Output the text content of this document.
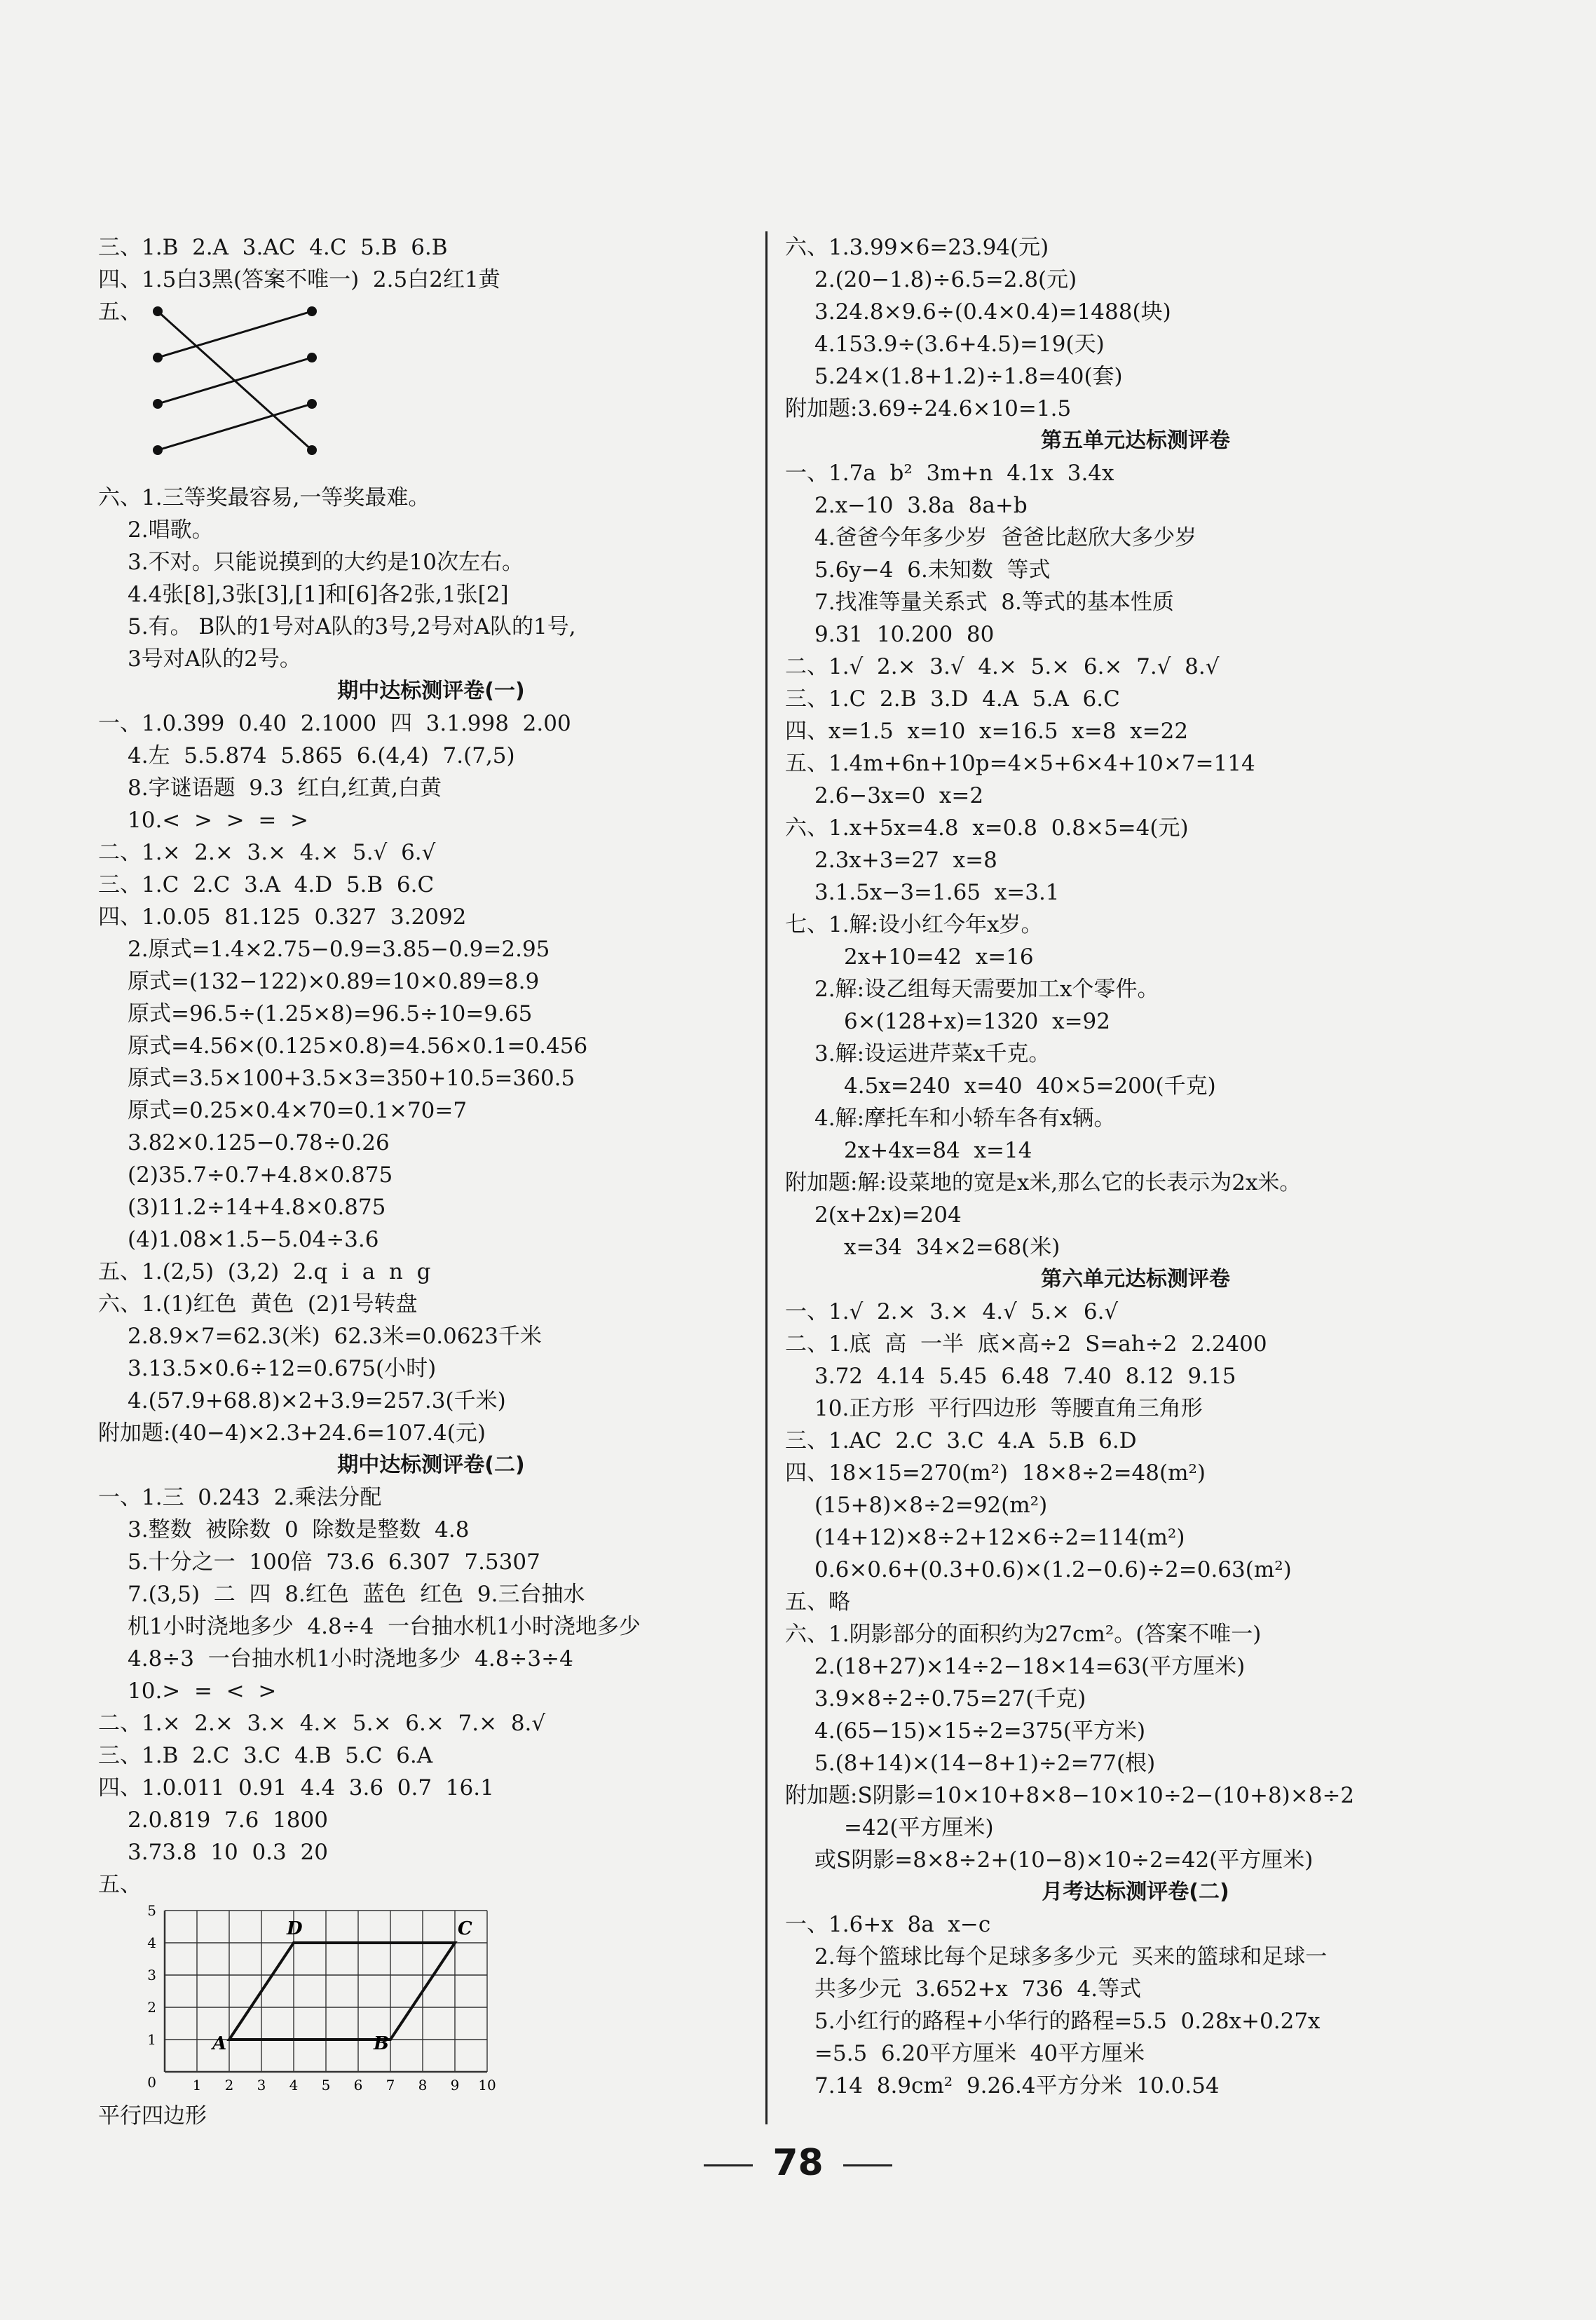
三、1.B  2.A  3.AC  4.C  5.B  6.B
四、1.5白3黑(答案不唯一)  2.5白2红1黄
五、
六、1.三等奖最容易,一等奖最难。
2.唱歌。
3.不对。只能说摸到的大约是10次左右。
4.4张[8],3张[3],[1]和[6]各2张,1张[2]
5.有。 B队的1号对A队的3号,2号对A队的1号,
3号对A队的2号。
期中达标测评卷(一)
一、1.0.399  0.40  2.1000  四  3.1.998  2.00
4.左  5.5.874  5.865  6.(4,4)  7.(7,5)
8.字谜语题  9.3  红白,红黄,白黄
10.<  >  >  =  >
二、1.×  2.×  3.×  4.×  5.√  6.√
三、1.C  2.C  3.A  4.D  5.B  6.C
四、1.0.05  81.125  0.327  3.2092
2.原式=1.4×2.75−0.9=3.85−0.9=2.95
原式=(132−122)×0.89=10×0.89=8.9
原式=96.5÷(1.25×8)=96.5÷10=9.65
原式=4.56×(0.125×0.8)=4.56×0.1=0.456
原式=3.5×100+3.5×3=350+10.5=360.5
原式=0.25×0.4×70=0.1×70=7
3.82×0.125−0.78÷0.26
(2)35.7÷0.7+4.8×0.875
(3)11.2÷14+4.8×0.875
(4)1.08×1.5−5.04÷3.6
五、1.(2,5)  (3,2)  2.q  i  a  n  g
六、1.(1)红色  黄色  (2)1号转盘
2.8.9×7=62.3(米)  62.3米=0.0623千米
3.13.5×0.6÷12=0.675(小时)
4.(57.9+68.8)×2+3.9=257.3(千米)
附加题:(40−4)×2.3+24.6=107.4(元)
期中达标测评卷(二)
一、1.三  0.243  2.乘法分配
3.整数  被除数  0  除数是整数  4.8
5.十分之一  100倍  73.6  6.307  7.5307
7.(3,5)  二  四  8.红色  蓝色  红色  9.三台抽水
机1小时浇地多少  4.8÷4  一台抽水机1小时浇地多少
4.8÷3  一台抽水机1小时浇地多少  4.8÷3÷4
10.>  =  <  >
二、1.×  2.×  3.×  4.×  5.×  6.×  7.×  8.√
三、1.B  2.C  3.C  4.B  5.C  6.A
四、1.0.011  0.91  4.4  3.6  0.7  16.1
2.0.819  7.6  1800
3.73.8  10  0.3  20
五、
1 2 3 4 5 6 7 8 9 10
1
2
3
4
5
0
A	B
C
D
平行四边形
六、1.3.99×6=23.94(元)
2.(20−1.8)÷6.5=2.8(元)
3.24.8×9.6÷(0.4×0.4)=1488(块)
4.153.9÷(3.6+4.5)=19(天)
5.24×(1.8+1.2)÷1.8=40(套)
附加题:3.69÷24.6×10=1.5
第五单元达标测评卷
一、1.7a  b²  3m+n  4.1x  3.4x
2.x−10  3.8a  8a+b
4.爸爸今年多少岁  爸爸比赵欣大多少岁
5.6y−4  6.未知数  等式
7.找准等量关系式  8.等式的基本性质
9.31  10.200  80
二、1.√  2.×  3.√  4.×  5.×  6.×  7.√  8.√
三、1.C  2.B  3.D  4.A  5.A  6.C
四、x=1.5  x=10  x=16.5  x=8  x=22
五、1.4m+6n+10p=4×5+6×4+10×7=114
2.6−3x=0  x=2
六、1.x+5x=4.8  x=0.8  0.8×5=4(元)
2.3x+3=27  x=8
3.1.5x−3=1.65  x=3.1
七、1.解:设小红今年x岁。
2x+10=42  x=16
2.解:设乙组每天需要加工x个零件。
6×(128+x)=1320  x=92
3.解:设运进芹菜x千克。
4.5x=240  x=40  40×5=200(千克)
4.解:摩托车和小轿车各有x辆。
2x+4x=84  x=14
附加题:解:设菜地的宽是x米,那么它的长表示为2x米。
2(x+2x)=204
x=34  34×2=68(米)
第六单元达标测评卷
一、1.√  2.×  3.×  4.√  5.×  6.√
二、1.底  高  一半  底×高÷2  S=ah÷2  2.2400
3.72  4.14  5.45  6.48  7.40  8.12  9.15
10.正方形  平行四边形  等腰直角三角形
三、1.AC  2.C  3.C  4.A  5.B  6.D
四、18×15=270(m²)  18×8÷2=48(m²)
(15+8)×8÷2=92(m²)
(14+12)×8÷2+12×6÷2=114(m²)
0.6×0.6+(0.3+0.6)×(1.2−0.6)÷2=0.63(m²)
五、略
六、1.阴影部分的面积约为27cm²。(答案不唯一)
2.(18+27)×14÷2−18×14=63(平方厘米)
3.9×8÷2÷0.75=27(千克)
4.(65−15)×15÷2=375(平方米)
5.(8+14)×(14−8+1)÷2=77(根)
附加题:S阴影=10×10+8×8−10×10÷2−(10+8)×8÷2
=42(平方厘米)
或S阴影=8×8÷2+(10−8)×10÷2=42(平方厘米)
月考达标测评卷(二)
一、1.6+x  8a  x−c
2.每个篮球比每个足球多多少元  买来的篮球和足球一
共多少元  3.652+x  736  4.等式
5.小红行的路程+小华行的路程=5.5  0.28x+0.27x
=5.5  6.20平方厘米  40平方厘米
7.14  8.9cm²  9.26.4平方分米  10.0.54
78
